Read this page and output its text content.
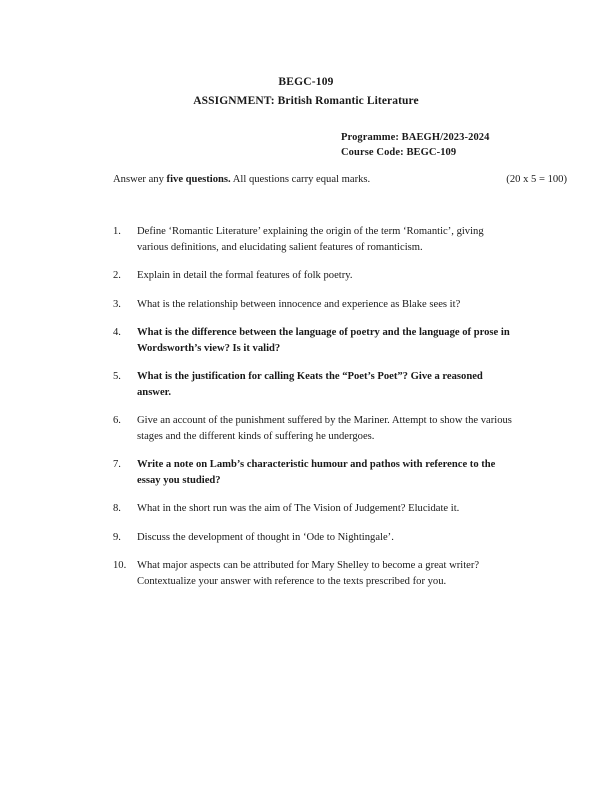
BEGC-109
ASSIGNMENT: British Romantic Literature
Programme: BAEGH/2023-2024
Course Code: BEGC-109
Answer any five questions. All questions carry equal marks.	(20 x 5 = 100)
1.	Define ‘Romantic Literature’ explaining the origin of the term ‘Romantic’, giving various definitions, and elucidating salient features of romanticism.
2.	Explain in detail the formal features of folk poetry.
3.	What is the relationship between innocence and experience as Blake sees it?
4.	What is the difference between the language of poetry and the language of prose in Wordsworth’s view? Is it valid?
5.	What is the justification for calling Keats the “Poet’s Poet”? Give a reasoned answer.
6.	Give an account of the punishment suffered by the Mariner. Attempt to show the various stages and the different kinds of suffering he undergoes.
7.	Write a note on Lamb’s characteristic humour and pathos with reference to the essay you studied?
8.	What in the short run was the aim of The Vision of Judgement? Elucidate it.
9.	Discuss the development of thought in ‘Ode to Nightingale’.
10.	What major aspects can be attributed for Mary Shelley to become a great writer? Contextualize your answer with reference to the texts prescribed for you.
